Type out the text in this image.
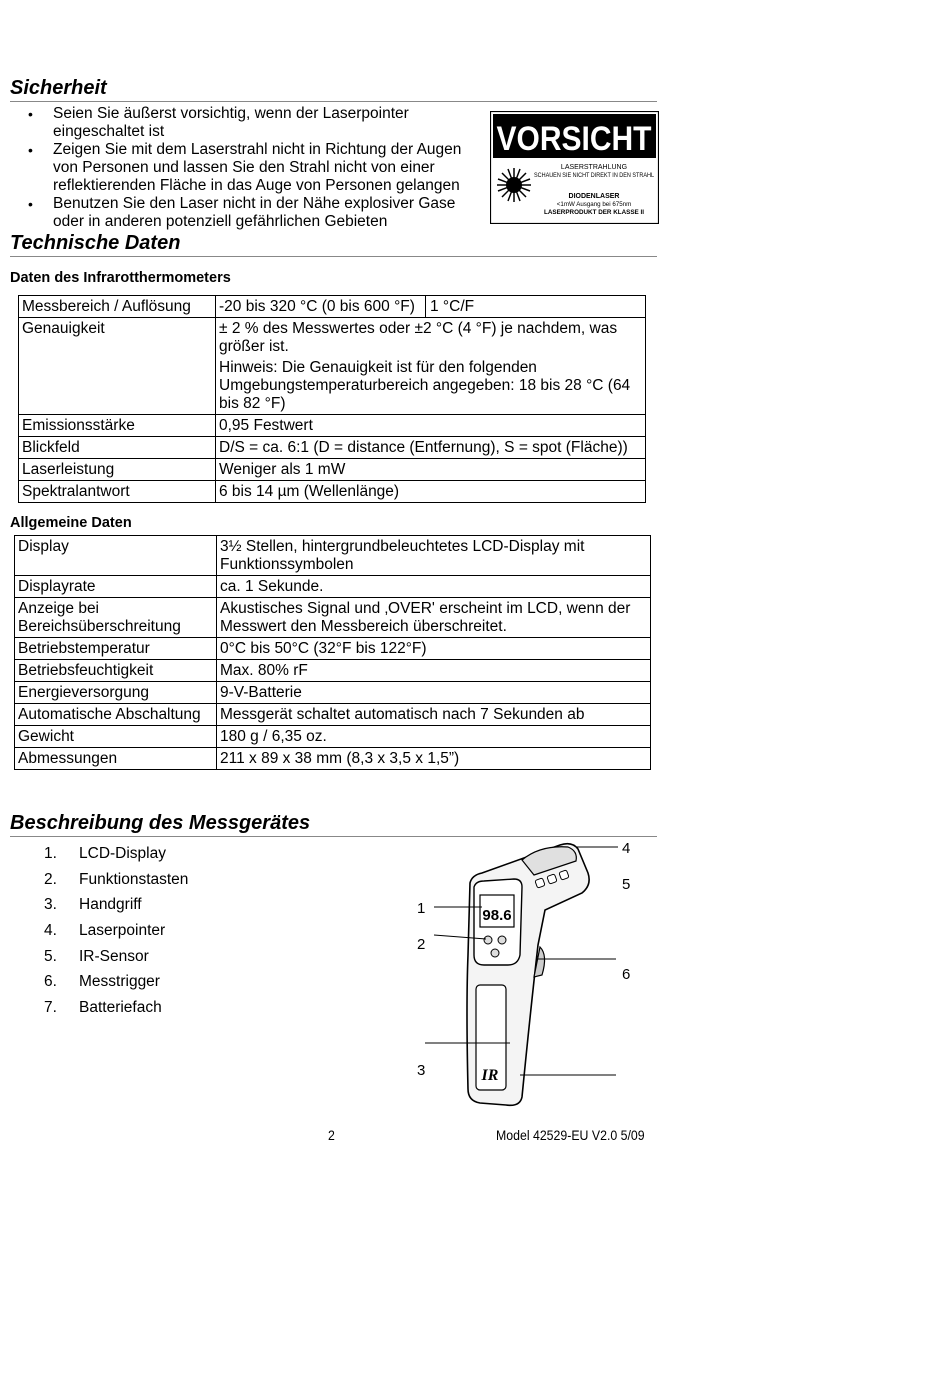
Sicherheit
• Seien Sie äußerst vorsichtig, wenn der Laserpointer eingeschaltet ist
• Zeigen Sie mit dem Laserstrahl nicht in Richtung der Augen von Personen und lassen Sie den Strahl nicht von einer reflektierenden Fläche in das Auge von Personen gelangen
• Benutzen Sie den Laser nicht in der Nähe explosiver Gase oder in anderen potenziell gefährlichen Gebieten
VORSICHT
LASERSTRAHLUNG
SCHAUEN SIE NICHT DIREKT IN DEN STRAHL
DIODENLASER
<1mW Ausgang bei 675nm
LASERPRODUKT DER KLASSE II
Technische Daten
Daten des Infrarotthermometers
Messbereich / Auflösung	-20 bis 320 °C (0 bis 600 °F) 1 °C/F

Genauigkeit	± 2 % des Messwertes oder ±2 °C (4 °F) je nachdem, was größer ist.
Hinweis: Die Genauigkeit ist für den folgenden Umgebungstemperaturbereich angegeben: 18 bis 28 °C (64 bis 82 °F)

Emissionsstärke	0,95 Festwert
Blickfeld	D/S = ca. 6:1 (D = distance (Entfernung), S = spot (Fläche))
Laserleistung	Weniger als 1 mW
Spektralantwort	6 bis 14 µm (Wellenlänge)
Allgemeine Daten
Display	3½ Stellen, hintergrundbeleuchtetes LCD-Display mit Funktionssymbolen
Displayrate	ca. 1 Sekunde.
Anzeige bei Bereichsüberschreitung	Akustisches Signal und ‚OVER' erscheint im LCD, wenn der Messwert den Messbereich überschreitet.
Betriebstemperatur	0°C bis 50°C (32°F bis 122°F)
Betriebsfeuchtigkeit	Max. 80% rF
Energieversorgung	9-V-Batterie
Automatische Abschaltung	Messgerät schaltet automatisch nach 7 Sekunden ab
Gewicht	180 g / 6,35 oz.
Abmessungen	211 x 89 x 38 mm (8,3 x 3,5 x 1,5”)
Beschreibung des Messgerätes
1. LCD-Display
2. Funktionstasten
3. Handgriff
4. Laserpointer
5. IR-Sensor
6. Messtrigger
7. Batteriefach
98.6
IR
1
2
3
4
5
6
2	Model 42529-EU V2.0 5/09
